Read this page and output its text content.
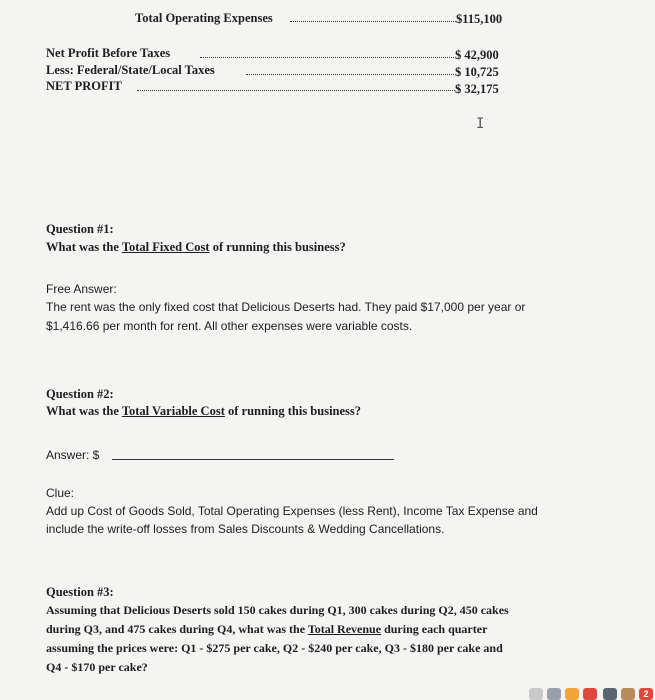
Total Operating Expenses	$115,100
Net Profit Before Taxes	$ 42,900
Less: Federal/State/Local Taxes	$ 10,725
NET PROFIT	$ 32,175
I
Question #1:
What was the Total Fixed Cost of running this business?
Free Answer:
The rent was the only fixed cost that Delicious Deserts had. They paid $17,000 per year or
$1,416.66 per month for rent. All other expenses were variable costs.
Question #2:
What was the Total Variable Cost of running this business?
Answer: $
Clue:
Add up Cost of Goods Sold, Total Operating Expenses (less Rent), Income Tax Expense and
include the write-off losses from Sales Discounts & Wedding Cancellations.
Question #3:
Assuming that Delicious Deserts sold 150 cakes during Q1, 300 cakes during Q2, 450 cakes
during Q3, and 475 cakes during Q4, what was the Total Revenue during each quarter
assuming the prices were: Q1 - $275 per cake, Q2 - $240 per cake, Q3 - $180 per cake and
Q4 - $170 per cake?
2
